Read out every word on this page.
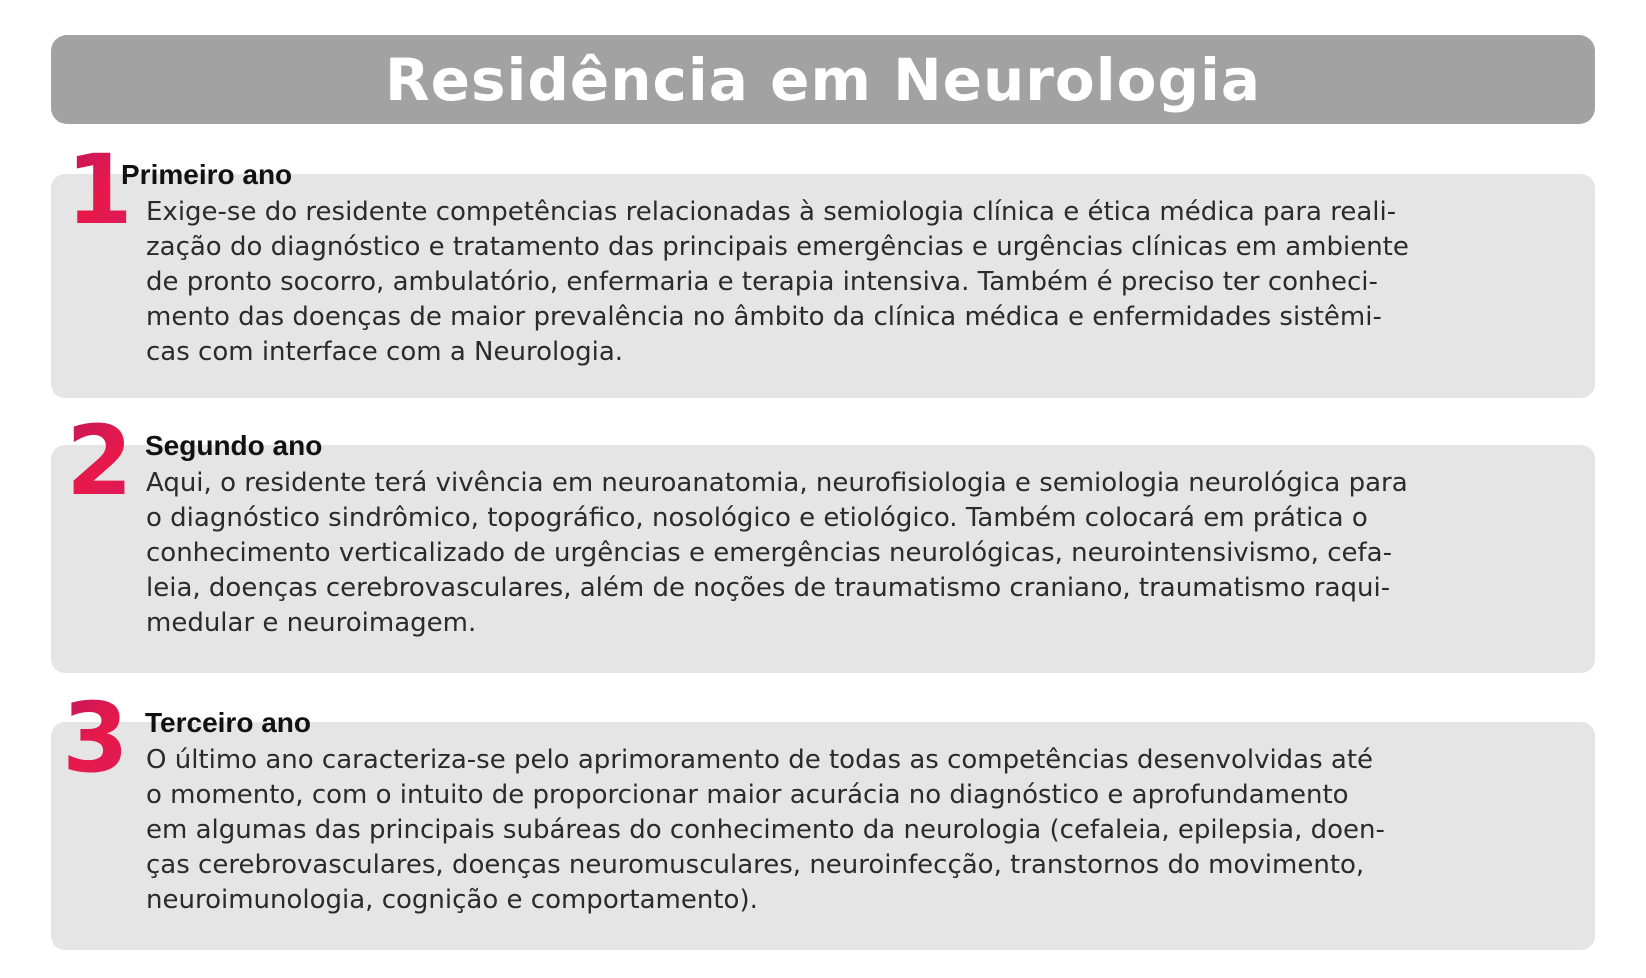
Residência em Neurologia
1
Primeiro ano

Exige-se do residente competências relacionadas à semiologia clínica e ética médica para reali-
zação do diagnóstico e tratamento das principais emergências e urgências clínicas em ambiente
de pronto socorro, ambulatório, enfermaria e terapia intensiva. Também é preciso ter conheci-
mento das doenças de maior prevalência no âmbito da clínica médica e enfermidades sistêmi-
cas com interface com a Neurologia.

2 Segundo ano

Aqui, o residente terá vivência em neuroanatomia, neurofisiologia e semiologia neurológica para
o diagnóstico sindrômico, topográfico, nosológico e etiológico. Também colocará em prática o
conhecimento verticalizado de urgências e emergências neurológicas, neurointensivismo, cefa-
leia, doenças cerebrovasculares, além de noções de traumatismo craniano, traumatismo raqui-
medular e neuroimagem.

3 Terceiro ano

O último ano caracteriza-se pelo aprimoramento de todas as competências desenvolvidas até
o momento, com o intuito de proporcionar maior acurácia no diagnóstico e aprofundamento
em algumas das principais subáreas do conhecimento da neurologia (cefaleia, epilepsia, doen-
ças cerebrovasculares, doenças neuromusculares, neuroinfecção, transtornos do movimento,
neuroimunologia, cognição e comportamento).
